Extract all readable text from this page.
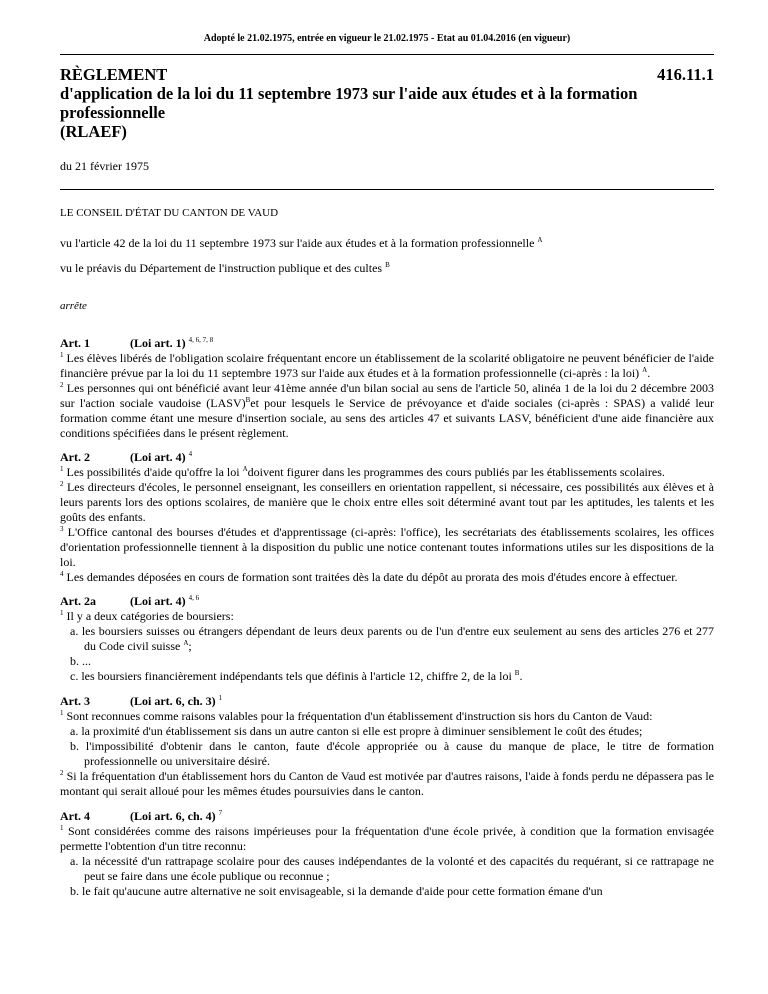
Adopté le 21.02.1975, entrée en vigueur le 21.02.1975 - Etat au 01.04.2016 (en vigueur)
RÈGLEMENT	416.11.1
d'application de la loi du 11 septembre 1973 sur l'aide aux études et à la formation
professionnelle
(RLAEF)
du 21 février 1975
LE CONSEIL D'ÉTAT DU CANTON DE VAUD
vu l'article 42 de la loi du 11 septembre 1973 sur l'aide aux études et à la formation professionnelle $^A$
vu le préavis du Département de l'instruction publique et des cultes $^B$
arrête
Art. 1	(Loi art. 1) $^{4, 6, 7, 8}$

$^1$ Les élèves libérés de l'obligation scolaire fréquentant encore un établissement de la scolarité obligatoire ne peuvent bénéficier de l'aide financière prévue par la loi du 11 septembre 1973 sur l'aide aux études et à la formation professionnelle (ci-après : la loi) $^A$.

$^2$ Les personnes qui ont bénéficié avant leur 41ème année d'un bilan social au sens de l'article 50, alinéa 1 de la loi du 2 décembre 2003 sur l'action sociale vaudoise (LASV)$^B$et pour lesquels le Service de prévoyance et d'aide sociales (ci-après : SPAS) a validé leur formation comme étant une mesure d'insertion sociale, au sens des articles 47 et suivants LASV, bénéficient d'une aide financière aux conditions spécifiées dans le présent règlement.

Art. 2	(Loi art. 4) $^4$

$^1$ Les possibilités d'aide qu'offre la loi $^A$doivent figurer dans les programmes des cours publiés par les établissements scolaires.

$^2$ Les directeurs d'écoles, le personnel enseignant, les conseillers en orientation rappellent, si nécessaire, ces possibilités aux élèves et à leurs parents lors des options scolaires, de manière que le choix entre elles soit déterminé avant tout par les aptitudes, les talents et les goûts des enfants.

$^3$ L'Office cantonal des bourses d'études et d'apprentissage (ci-après: l'office), les secrétariats des établissements scolaires, les offices d'orientation professionnelle tiennent à la disposition du public une notice contenant toutes informations utiles sur les dispositions de la loi.

$^4$ Les demandes déposées en cours de formation sont traitées dès la date du dépôt au prorata des mois d'études encore à effectuer.

Art. 2a	(Loi art. 4) $^{4, 6}$

$^1$ Il y a deux catégories de boursiers:

a. les boursiers suisses ou étrangers dépendant de leurs deux parents ou de l'un d'entre eux seulement au sens des articles 276 et 277 du Code civil suisse $^A$;
b. ...
c. les boursiers financièrement indépendants tels que définis à l'article 12, chiffre 2, de la loi $^B$.
Art. 3	(Loi art. 6, ch. 3) $^1$

$^1$ Sont reconnues comme raisons valables pour la fréquentation d'un établissement d'instruction sis hors du Canton de Vaud:

a. la proximité d'un établissement sis dans un autre canton si elle est propre à diminuer sensiblement le coût des études;
b. l'impossibilité d'obtenir dans le canton, faute d'école appropriée ou à cause du manque de place, le titre de formation professionnelle ou universitaire désiré.

$^2$ Si la fréquentation d'un établissement hors du Canton de Vaud est motivée par d'autres raisons, l'aide à fonds perdu ne dépassera pas le montant qui serait alloué pour les mêmes études poursuivies dans le canton.

Art. 4	(Loi art. 6, ch. 4) $^7$

$^1$ Sont considérées comme des raisons impérieuses pour la fréquentation d'une école privée, à condition que la formation envisagée permette l'obtention d'un titre reconnu:

a. la nécessité d'un rattrapage scolaire pour des causes indépendantes de la volonté et des capacités du requérant, si ce rattrapage ne peut se faire dans une école publique ou reconnue ;
b. le fait qu'aucune autre alternative ne soit envisageable, si la demande d'aide pour cette formation émane d'un
